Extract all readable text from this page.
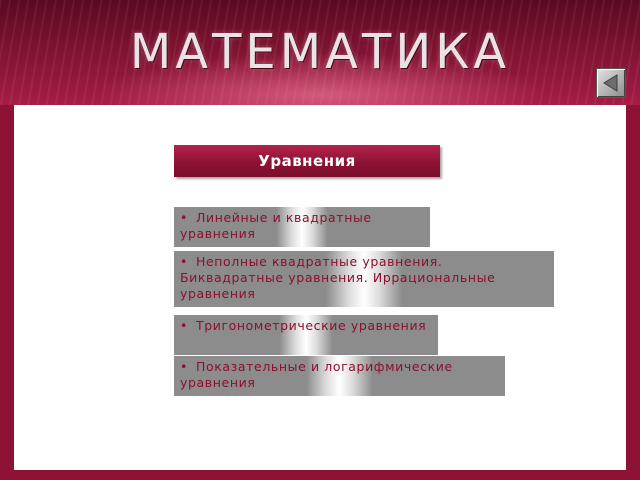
МАТЕМАТИКА
Уравнения
• Линейные и квадратные уравнения
• Неполные квадратные уравнения. Биквадратные уравнения. Иррациональные уравнения
• Тригонометрические уравнения
• Показательные и логарифмические уравнения
